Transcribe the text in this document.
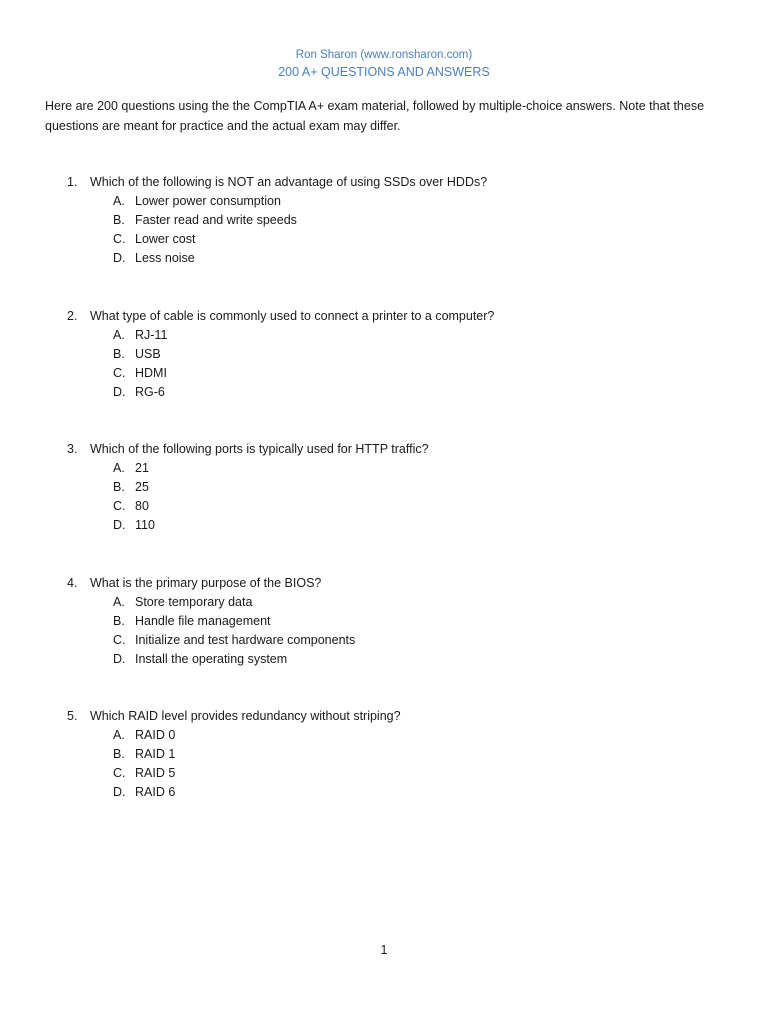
Ron Sharon (www.ronsharon.com)
200 A+ QUESTIONS AND ANSWERS
Here are 200 questions using the the CompTIA A+ exam material, followed by multiple-choice answers. Note that these questions are meant for practice and the actual exam may differ.
1. Which of the following is NOT an advantage of using SSDs over HDDs?
A. Lower power consumption
B. Faster read and write speeds
C. Lower cost
D. Less noise
2. What type of cable is commonly used to connect a printer to a computer?
A. RJ-11
B. USB
C. HDMI
D. RG-6
3. Which of the following ports is typically used for HTTP traffic?
A. 21
B. 25
C. 80
D. 110
4. What is the primary purpose of the BIOS?
A. Store temporary data
B. Handle file management
C. Initialize and test hardware components
D. Install the operating system
5. Which RAID level provides redundancy without striping?
A. RAID 0
B. RAID 1
C. RAID 5
D. RAID 6
1
